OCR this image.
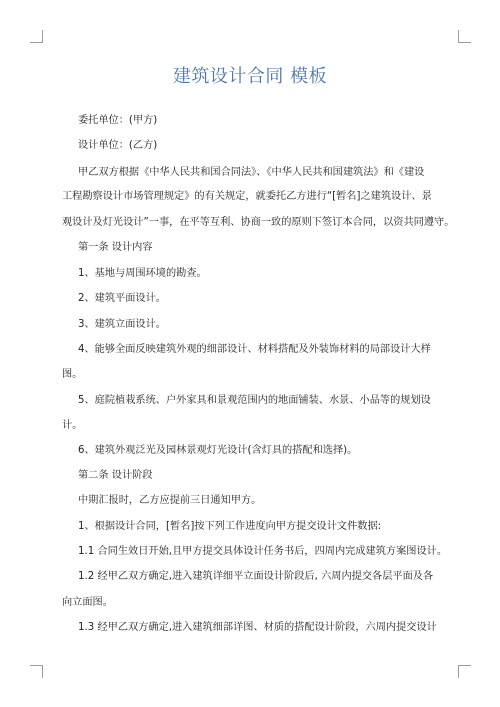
建筑设计合同 模板
委托单位：(甲方)
设计单位：(乙方)
甲乙双方根据《中华人民共和国合同法》、《中华人民共和国建筑法》和《建设
工程勘察设计市场管理规定》的有关规定，就委托乙方进行“[暂名]之建筑设计、景
观设计及灯光设计”一事，在平等互利、协商一致的原则下签订本合同，以资共同遵守。
第一条 设计内容
1、基地与周围环境的勘查。
2、建筑平面设计。
3、建筑立面设计。
4、能够全面反映建筑外观的细部设计、材料搭配及外装饰材料的局部设计大样
图。
5、庭院植栽系统、户外家具和景观范围内的地面铺装、水景、小品等的规划设
计。
6、建筑外观泛光及园林景观灯光设计(含灯具的搭配和选择)。
第二条 设计阶段
中期汇报时，乙方应提前三日通知甲方。
1、根据设计合同，[暂名]按下列工作进度向甲方提交设计文件数据:
1.1 合同生效日开始,且甲方提交具体设计任务书后，四周内完成建筑方案图设计。
1.2 经甲乙双方确定,进入建筑详细平立面设计阶段后, 六周内提交各层平面及各
向立面图。
1.3 经甲乙双方确定,进入建筑细部详图、材质的搭配设计阶段，六周内提交设计
